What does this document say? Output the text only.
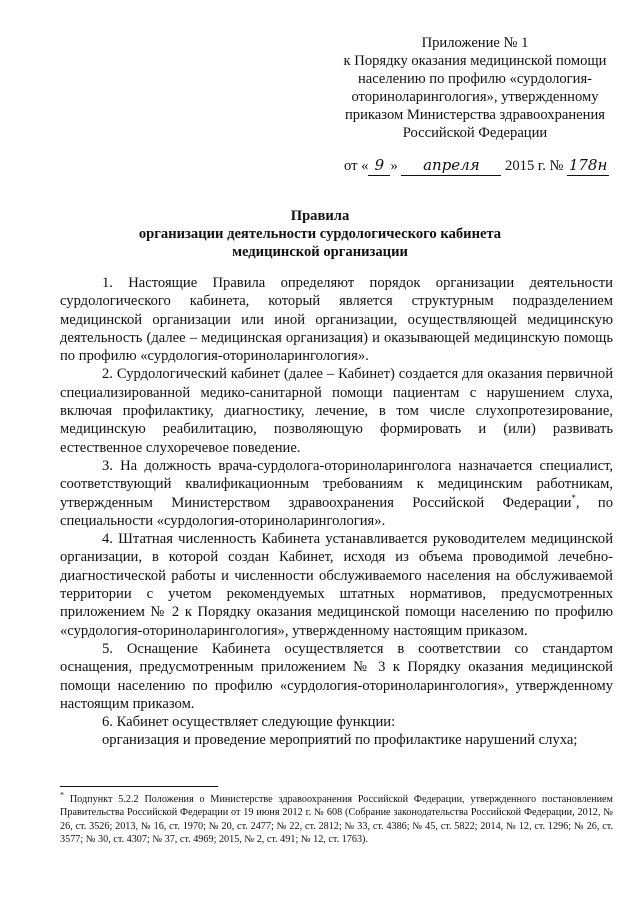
Приложение № 1
к Порядку оказания медицинской помощи
населению по профилю «сурдология-
оториноларингология», утвержденному
приказом Министерства здравоохранения
Российской Федерации
от « 9 » апреля 2015 г. № 178н
Правила
организации деятельности сурдологического кабинета
медицинской организации

1. Настоящие Правила определяют порядок организации деятельности сурдологического кабинета, который является структурным подразделением медицинской организации или иной организации, осуществляющей медицинскую деятельность (далее – медицинская организация) и оказывающей медицинскую помощь по профилю «сурдология-оториноларингология».

2. Сурдологический кабинет (далее – Кабинет) создается для оказания первичной специализированной медико-санитарной помощи пациентам с нарушением слуха, включая профилактику, диагностику, лечение, в том числе слухопротезирование, медицинскую реабилитацию, позволяющую формировать и (или) развивать естественное слухоречевое поведение.

3. На должность врача-сурдолога-оториноларинголога назначается специалист, соответствующий квалификационным требованиям к медицинским работникам, утвержденным Министерством здравоохранения Российской Федерации*, по специальности «сурдология-оториноларингология».

4. Штатная численность Кабинета устанавливается руководителем медицинской организации, в которой создан Кабинет, исходя из объема проводимой лечебно-диагностической работы и численности обслуживаемого населения на обслуживаемой территории с учетом рекомендуемых штатных нормативов, предусмотренных приложением № 2 к Порядку оказания медицинской помощи населению по профилю «сурдология-оториноларингология», утвержденному настоящим приказом.

5. Оснащение Кабинета осуществляется в соответствии со стандартом оснащения, предусмотренным приложением № 3 к Порядку оказания медицинской помощи населению по профилю «сурдология-оториноларингология», утвержденному настоящим приказом.

6. Кабинет осуществляет следующие функции:

организация и проведение мероприятий по профилактике нарушений слуха;

* Подпункт 5.2.2 Положения о Министерстве здравоохранения Российской Федерации, утвержденного постановлением Правительства Российской Федерации от 19 июня 2012 г. № 608 (Собрание законодательства Российской Федерации, 2012, № 26, ст. 3526; 2013, № 16, ст. 1970; № 20, ст. 2477; № 22, ст. 2812; № 33, ст. 4386; № 45, ст. 5822; 2014, № 12, ст. 1296; № 26, ст. 3577; № 30, ст. 4307; № 37, ст. 4969; 2015, № 2, ст. 491; № 12, ст. 1763).
